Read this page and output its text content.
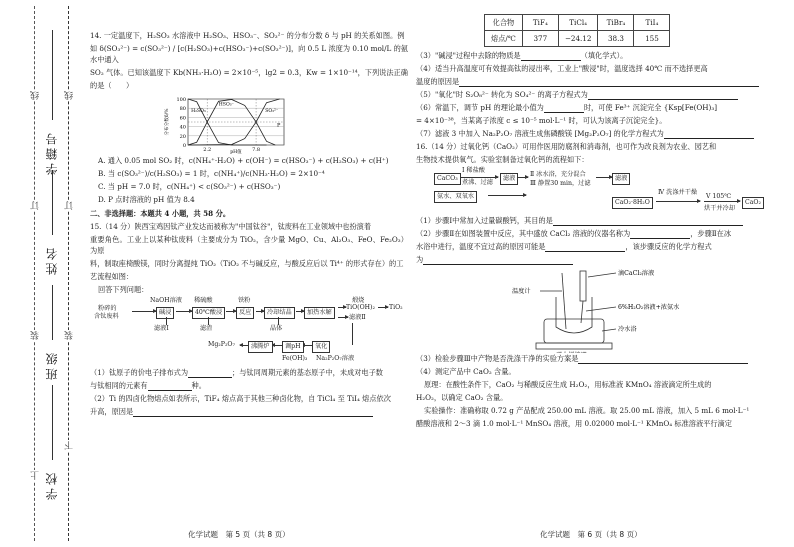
上
装
订
线
下
装
订
线
学校
班级
姓名
学籍号
14. 一定温度下，H₂SO₃ 水溶液中 H₂SO₃、HSO₃⁻、SO₃²⁻ 的分布分数 δ 与 pH 的关系如图。例
如 δ(SO₃²⁻) = c(SO₃²⁻) / [c(H₂SO₃)+c(HSO₃⁻)+c(SO₃²⁻)]，向 0.5 L 浓度为 0.10 mol/L 的氨水中通入
SO₂ 气体。已知该温度下 Kb(NH₃·H₂O) = 2×10⁻⁵，lg2 = 0.3，Kw = 1×10⁻¹⁴，下列说法正确
的是（　　）
100
80
60
40
20
0
2.2	7.8
H₂SO₃
HSO₃⁻
SO₃²⁻
P
分布分数δ/%
pH值
A. 通入 0.05 mol SO₂ 时，c(NH₄⁺·H₂O) + c(OH⁻) = c(HSO₃⁻) + c(H₂SO₃) + c(H⁺)
B. 当 c(SO₃²⁻)/c(H₂SO₃) = 1 时，c(NH₄⁺)/c(NH₃·H₂O) = 2×10⁻⁴
C. 当 pH = 7.0 时，c(NH₄⁺) < c(SO₃²⁻) + c(HSO₃⁻)
D. P 点时溶液的 pH 值为 8.4
二、非选择题：本题共 4 小题，共 58 分。
15.（14 分）陕西宝鸡因钛产业发达而被称为"中国钛谷"，钛废料在工业领域中也扮演着
重要角色。工业上以某种钛废料（主要成分为 TiO₂，含少量 MgO、Cu、Al₂O₃、FeO、Fe₂O₃）为原
料，制取座椅酸镁，同时分离提纯 TiO₂（TiO₂ 不与碱反应，与酸反应后以 Ti⁴⁺ 的形式存在）的工
艺流程如图：
回答下列问题：
粉碎的
含钛废料
NaOH溶液 稀硫酸	铁粉
碱浸	40℃酸浸	反应	冷却结晶	加热水解
煅烧
TiO(OH)₂ TiO₂
滤液Ⅱ
滤液Ⅰ	滤渣	晶体
氧化
调pH
沸腾炉
Mg₂P₂O₇
Fe(OH)₃ Na₂P₂O₇溶液
（1）钛原子的价电子排布式为	；与钛同周期元素的基态原子中，未成对电子数
与钛相同的元素有	种。
（2）Ti 的四卤化物熔点如表所示，TiF₄ 熔点高于其他三种卤化物，自 TiCl₄ 至 TiI₄ 熔点依次
升高，原因是
化学试题　第 5 页（共 8 页）
化合物	TiF₄	TiCl₄	TiBr₄	TiI₄
熔点/℃	377	−24.12	38.3	155
（3）"碱浸"过程中去除的物质是	（填化学式）。
（4）适当升高温度可有效提高钛的浸出率，工业上"酸浸"时，温度选择 40℃ 而不选择更高
温度的原因是
（5）"氧化"时 S₂O₈²⁻ 转化为 SO₄²⁻ 的离子方程式为
（6）常温下，调节 pH 的理论最小值为	时，可使 Fe³⁺ 沉淀完全 {Ksp[Fe(OH)₃]
= 4×10⁻³⁸，当某离子浓度 c ≤ 10⁻⁵ mol·L⁻¹ 时，可认为该离子沉淀完全}。
（7）滤液 3 中加入 Na₂P₂O₇ 溶液生成焦磷酸镁 [Mg₂P₂O₇] 的化学方程式为
16.（14 分）过氧化钙（CaO₂）可用作医用防腐剂和消毒剂，也可作为改良剂为农业、园艺和
生物技术提供氧气。实验室制备过氧化钙的流程如下：
CaCO₃
Ⅰ 稀盐酸
煮沸、过滤
滤液
Ⅱ 冰水浴，充分混合
Ⅲ 静置30 min，过滤
滤液
氨水、双氧水
CaO₂·8H₂O
Ⅳ 洗涤并干燥
Ⅴ 105℃
烘干并冷却
CaO₂
（1）步骤Ⅰ中常加入过量碳酸钙，其目的是
（2）步骤Ⅱ在如图装置中反应，其中盛放 CaCl₂ 溶液的仪器名称为	，步骤Ⅱ在冰
水浴中进行，温度不宜过高的原因可能是	，该步骤反应的化学方程式
为
滴CaCl₂溶液
温度计
6%H₂O₂溶液+浓氨水
冷水浴
（3）检验步骤Ⅲ中产物是否洗涤干净的实验方案是
（4）测定产品中 CaO₂ 含量。
原理：在酸性条件下，CaO₂ 与稀酸反应生成 H₂O₂，用标准液 KMnO₄ 溶液滴定所生成的
H₂O₂，以确定 CaO₂ 含量。
实验操作：准确称取 0.72 g 产品配成 250.00 mL 溶液。取 25.00 mL 溶液，加入 5 mL 6 mol·L⁻¹
醋酸溶液和 2～3 滴 1.0 mol·L⁻¹ MnSO₄ 溶液，用 0.02000 mol·L⁻¹ KMnO₄ 标准溶液平行滴定
化学试题　第 6 页（共 8 页）
